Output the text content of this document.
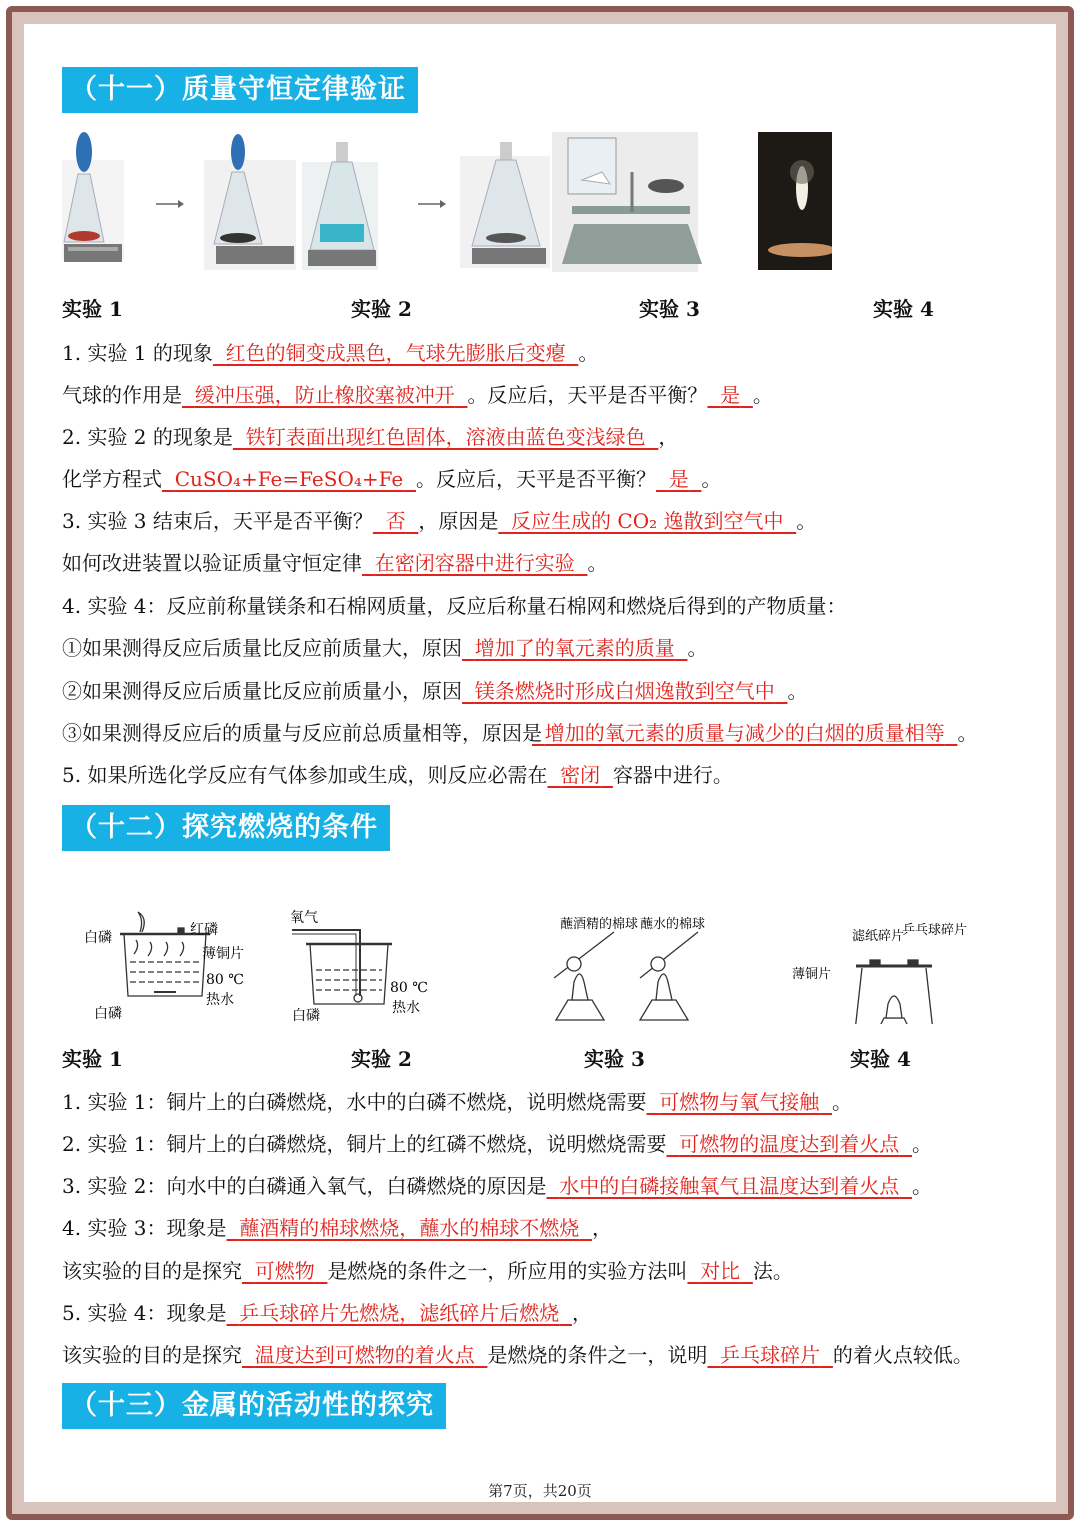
（十一）质量守恒定律验证
实验 1	实验 2	实验 3	实验 4
1. 实验 1 的现象 红色的铜变成黑色，气球先膨胀后变瘪 。
气球的作用是 缓冲压强，防止橡胶塞被冲开 。反应后，天平是否平衡？ 是 。
2. 实验 2 的现象是 铁钉表面出现红色固体，溶液由蓝色变浅绿色 ，
化学方程式 CuSO₄+Fe=FeSO₄+Fe 。反应后，天平是否平衡？ 是 。
3. 实验 3 结束后，天平是否平衡？ 否 ，原因是 反应生成的 CO₂ 逸散到空气中 。
如何改进装置以验证质量守恒定律 在密闭容器中进行实验 。
4. 实验 4：反应前称量镁条和石棉网质量，反应后称量石棉网和燃烧后得到的产物质量：
①如果测得反应后质量比反应前质量大，原因 增加了的氧元素的质量 。
②如果测得反应后质量比反应前质量小，原因 镁条燃烧时形成白烟逸散到空气中 。
③如果测得反应后的质量与反应前总质量相等，原因是 增加的氧元素的质量与减少的白烟的质量相等 。
5. 如果所选化学反应有气体参加或生成，则反应必需在 密闭 容器中进行。
（十二）探究燃烧的条件
白磷	红磷
薄铜片
80 ℃
热水
白磷
氧气
80 ℃
热水
白磷
蘸酒精的棉球 蘸水的棉球
滤纸碎片
乒乓球碎片
薄铜片
实验 1	实验 2	实验 3	实验 4
1. 实验 1：铜片上的白磷燃烧，水中的白磷不燃烧，说明燃烧需要 可燃物与氧气接触 。
2. 实验 1：铜片上的白磷燃烧，铜片上的红磷不燃烧，说明燃烧需要 可燃物的温度达到着火点 。
3. 实验 2：向水中的白磷通入氧气，白磷燃烧的原因是 水中的白磷接触氧气且温度达到着火点 。
4. 实验 3：现象是 蘸酒精的棉球燃烧，蘸水的棉球不燃烧 ，
该实验的目的是探究 可燃物 是燃烧的条件之一，所应用的实验方法叫 对比 法。
5. 实验 4：现象是 乒乓球碎片先燃烧，滤纸碎片后燃烧 ，
该实验的目的是探究 温度达到可燃物的着火点 是燃烧的条件之一，说明 乒乓球碎片 的着火点较低。
（十三）金属的活动性的探究
第7页，共20页
